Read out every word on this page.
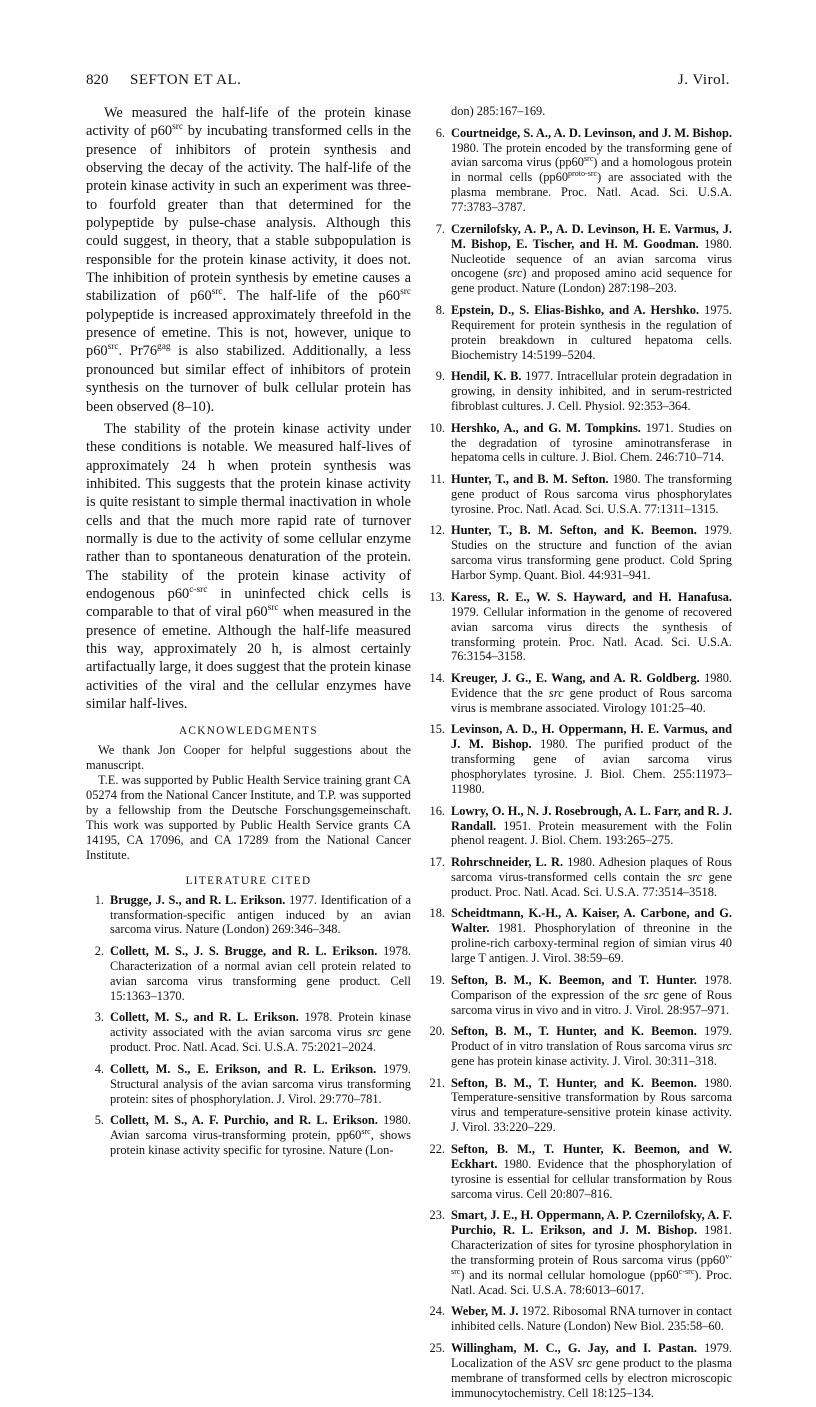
820 SEFTON ET AL.	J. Virol.

We measured the half-life of the protein kinase activity of $p60^{src}$ by incubating transformed cells in the presence of inhibitors of protein synthesis and observing the decay of the activity. The half-life of the protein kinase activity in such an experiment was three-to fourfold greater than that determined for the polypeptide by pulse-chase analysis. Although this could suggest, in theory, that a stable subpopulation is responsible for the protein kinase activity, it does not. The inhibition of protein synthesis by emetine causes a stabilization of $p60^{src}$. The half-life of the $p60^{src}$ polypeptide is increased approximately threefold in the presence of emetine. This is not, however, unique to $p60^{src}$. $Pr76^{gag}$ is also stabilized. Additionally, a less pronounced but similar effect of inhibitors of protein synthesis on the turnover of bulk cellular protein has been observed (8–10).

The stability of the protein kinase activity under these conditions is notable. We measured half-lives of approximately 24 h when protein synthesis was inhibited. This suggests that the protein kinase activity is quite resistant to simple thermal inactivation in whole cells and that the much more rapid rate of turnover normally is due to the activity of some cellular enzyme rather than to spontaneous denaturation of the protein. The stability of the protein kinase activity of endogenous $p60^{c-src}$ in uninfected chick cells is comparable to that of viral $p60^{src}$ when measured in the presence of emetine. Although the half-life measured this way, approximately 20 h, is almost certainly artifactually large, it does suggest that the protein kinase activities of the viral and the cellular enzymes have similar half-lives.

ACKNOWLEDGMENTS

We thank Jon Cooper for helpful suggestions about the manuscript.

T.E. was supported by Public Health Service training grant CA 05274 from the National Cancer Institute, and T.P. was supported by a fellowship from the Deutsche Forschungsgemeinschaft. This work was supported by Public Health Service grants CA 14195, CA 17096, and CA 17289 from the National Cancer Institute.

LITERATURE CITED
1. Brugge, J. S., and R. L. Erikson. 1977. Identification of a transformation-specific antigen induced by an avian sarcoma virus. Nature (London) 269:346–348.
2. Collett, M. S., J. S. Brugge, and R. L. Erikson. 1978. Characterization of a normal avian cell protein related to avian sarcoma virus transforming gene product. Cell 15:1363–1370.
3. Collett, M. S., and R. L. Erikson. 1978. Protein kinase activity associated with the avian sarcoma virus src gene product. Proc. Natl. Acad. Sci. U.S.A. 75:2021–2024.
4. Collett, M. S., E. Erikson, and R. L. Erikson. 1979. Structural analysis of the avian sarcoma virus transforming protein: sites of phosphorylation. J. Virol. 29:770–781.
5. Collett, M. S., A. F. Purchio, and R. L. Erikson. 1980. Avian sarcoma virus-transforming protein, $pp60^{src}$, shows protein kinase activity specific for tyrosine. Nature (Lon-
don) 285:167–169.
6. Courtneidge, S. A., A. D. Levinson, and J. M. Bishop. 1980. The protein encoded by the transforming gene of avian sarcoma virus $(pp60^{src})$ and a homologous protein in normal cells $(pp60^{proto-src})$ are associated with the plasma membrane. Proc. Natl. Acad. Sci. U.S.A. 77:3783–3787.
7. Czernilofsky, A. P., A. D. Levinson, H. E. Varmus, J. M. Bishop, E. Tischer, and H. M. Goodman. 1980. Nucleotide sequence of an avian sarcoma virus oncogene (src) and proposed amino acid sequence for gene product. Nature (London) 287:198–203.
8. Epstein, D., S. Elias-Bishko, and A. Hershko. 1975. Requirement for protein synthesis in the regulation of protein breakdown in cultured hepatoma cells. Biochemistry 14:5199–5204.
9. Hendil, K. B. 1977. Intracellular protein degradation in growing, in density inhibited, and in serum-restricted fibroblast cultures. J. Cell. Physiol. 92:353–364.
10. Hershko, A., and G. M. Tompkins. 1971. Studies on the degradation of tyrosine aminotransferase in hepatoma cells in culture. J. Biol. Chem. 246:710–714.
11. Hunter, T., and B. M. Sefton. 1980. The transforming gene product of Rous sarcoma virus phosphorylates tyrosine. Proc. Natl. Acad. Sci. U.S.A. 77:1311–1315.
12. Hunter, T., B. M. Sefton, and K. Beemon. 1979. Studies on the structure and function of the avian sarcoma virus transforming gene product. Cold Spring Harbor Symp. Quant. Biol. 44:931–941.
13. Karess, R. E., W. S. Hayward, and H. Hanafusa. 1979. Cellular information in the genome of recovered avian sarcoma virus directs the synthesis of transforming protein. Proc. Natl. Acad. Sci. U.S.A. 76:3154–3158.
14. Kreuger, J. G., E. Wang, and A. R. Goldberg. 1980. Evidence that the src gene product of Rous sarcoma virus is membrane associated. Virology 101:25–40.
15. Levinson, A. D., H. Oppermann, H. E. Varmus, and J. M. Bishop. 1980. The purified product of the transforming gene of avian sarcoma virus phosphorylates tyrosine. J. Biol. Chem. 255:11973–11980.
16. Lowry, O. H., N. J. Rosebrough, A. L. Farr, and R. J. Randall. 1951. Protein measurement with the Folin phenol reagent. J. Biol. Chem. 193:265–275.
17. Rohrschneider, L. R. 1980. Adhesion plaques of Rous sarcoma virus-transformed cells contain the src gene product. Proc. Natl. Acad. Sci. U.S.A. 77:3514–3518.
18. Scheidtmann, K.-H., A. Kaiser, A. Carbone, and G. Walter. 1981. Phosphorylation of threonine in the proline-rich carboxy-terminal region of simian virus 40 large T antigen. J. Virol. 38:59–69.
19. Sefton, B. M., K. Beemon, and T. Hunter. 1978. Comparison of the expression of the src gene of Rous sarcoma virus in vivo and in vitro. J. Virol. 28:957–971.
20. Sefton, B. M., T. Hunter, and K. Beemon. 1979. Product of in vitro translation of Rous sarcoma virus src gene has protein kinase activity. J. Virol. 30:311–318.
21. Sefton, B. M., T. Hunter, and K. Beemon. 1980. Temperature-sensitive transformation by Rous sarcoma virus and temperature-sensitive protein kinase activity. J. Virol. 33:220–229.
22. Sefton, B. M., T. Hunter, K. Beemon, and W. Eckhart. 1980. Evidence that the phosphorylation of tyrosine is essential for cellular transformation by Rous sarcoma virus. Cell 20:807–816.
23. Smart, J. E., H. Oppermann, A. P. Czernilofsky, A. F. Purchio, R. L. Erikson, and J. M. Bishop. 1981. Characterization of sites for tyrosine phosphorylation in the transforming protein of Rous sarcoma virus $(pp60^{v-src})$ and its normal cellular homologue $(pp60^{c-src})$. Proc. Natl. Acad. Sci. U.S.A. 78:6013–6017.
24. Weber, M. J. 1972. Ribosomal RNA turnover in contact inhibited cells. Nature (London) New Biol. 235:58–60.
25. Willingham, M. C., G. Jay, and I. Pastan. 1979. Localization of the ASV src gene product to the plasma membrane of transformed cells by electron microscopic immunocytochemistry. Cell 18:125–134.
